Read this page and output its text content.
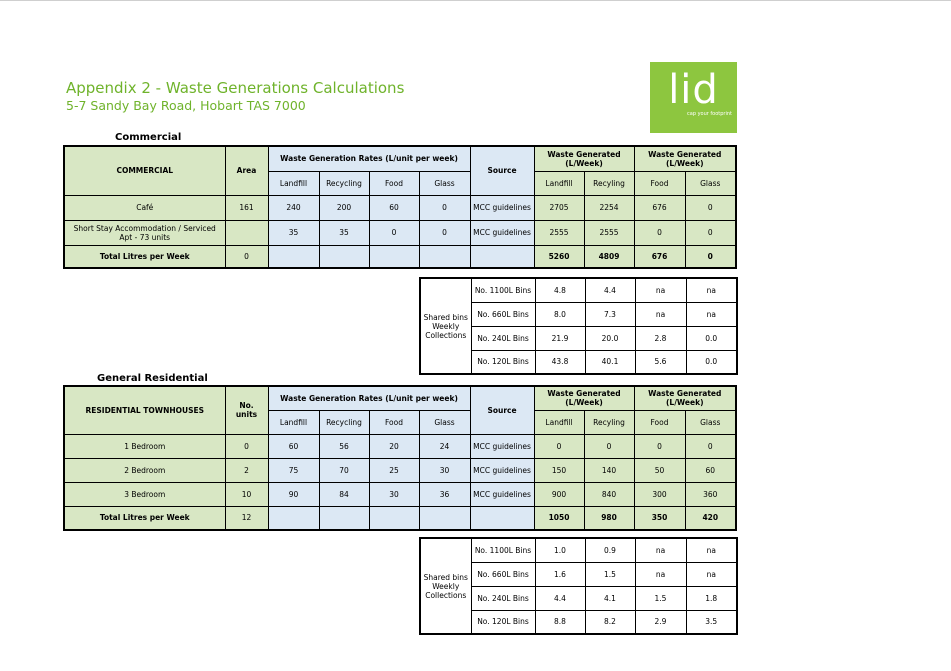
Appendix 2 - Waste Generations Calculations
5-7 Sandy Bay Road, Hobart TAS 7000	lid
cap your footprint
Commercial
COMMERCIAL	Area	Waste Generation Rates (L/unit per week)				Source	Waste Generated (L/Week)		Waste Generated (L/Week)	
		Landfill	Recycling	Food	Glass		Landfill	Recyling	Food	Glass
Café	161	240	200	60	0	MCC guidelines	2705	2254	676	0
Short Stay Accommodation / Serviced Apt - 73 units		35	35	0	0	MCC guidelines	2555	2555	0	0
Total Litres per Week	0						5260	4809	676	0
Shared bins Weekly Collections	No. 1100L Bins	4.8	4.4	na	na
	No. 660L Bins	8.0	7.3	na	na
	No. 240L Bins	21.9	20.0	2.8	0.0
	No. 120L Bins	43.8	40.1	5.6	0.0
General Residential
RESIDENTIAL TOWNHOUSES	No. units	Waste Generation Rates (L/unit per week)				Source	Waste Generated (L/Week)		Waste Generated (L/Week)	
		Landfill	Recycling	Food	Glass		Landfill	Recyling	Food	Glass
1 Bedroom	0	60	56	20	24	MCC guidelines	0	0	0	0
2 Bedroom	2	75	70	25	30	MCC guidelines	150	140	50	60
3 Bedroom	10	90	84	30	36	MCC guidelines	900	840	300	360
Total Litres per Week	12						1050	980	350	420
Shared bins Weekly Collections	No. 1100L Bins	1.0	0.9	na	na
	No. 660L Bins	1.6	1.5	na	na
	No. 240L Bins	4.4	4.1	1.5	1.8
	No. 120L Bins	8.8	8.2	2.9	3.5
